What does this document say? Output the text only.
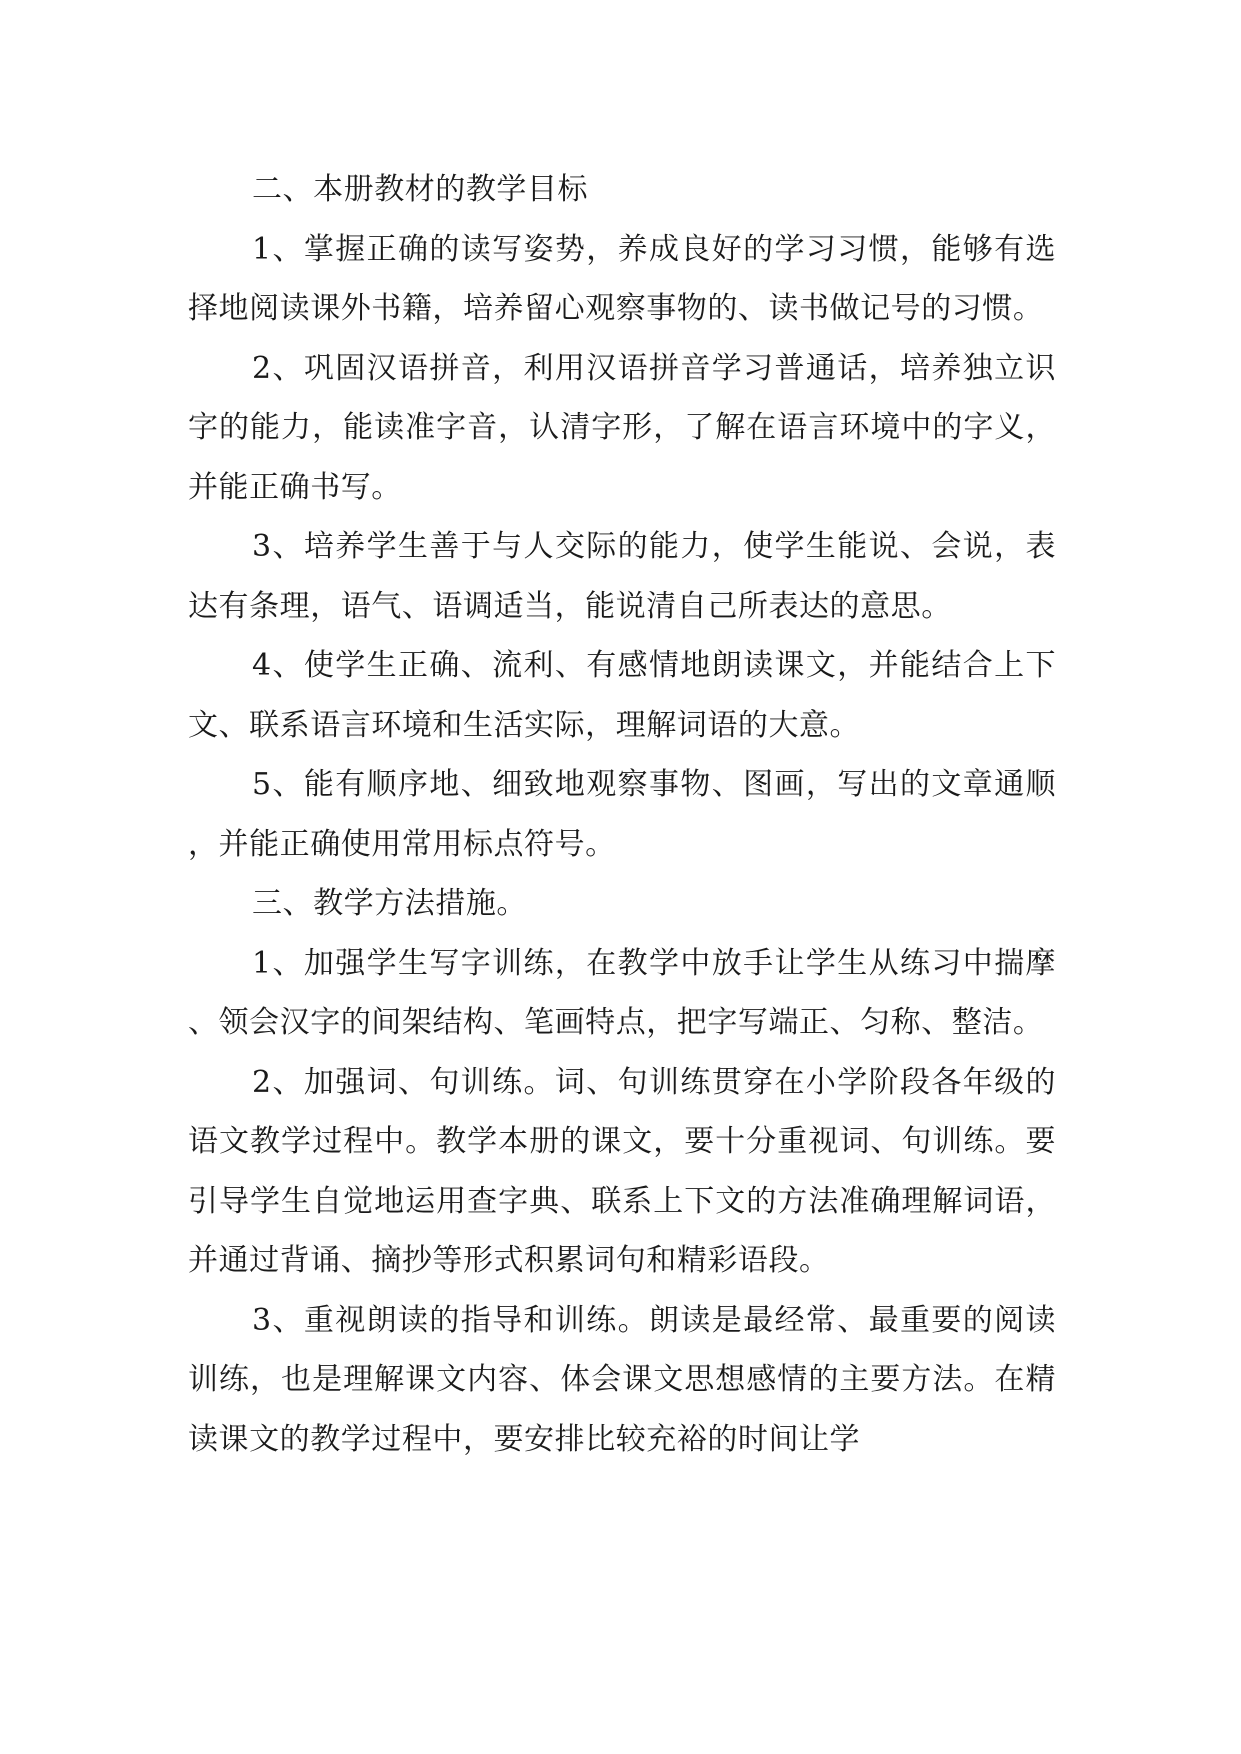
二、本册教材的教学目标

1、掌握正确的读写姿势，养成良好的学习习惯，能够有选择地阅读课外书籍，培养留心观察事物的、读书做记号的习惯。

2、巩固汉语拼音，利用汉语拼音学习普通话，培养独立识字的能力，能读准字音，认清字形，了解在语言环境中的字义，并能正确书写。

3、培养学生善于与人交际的能力，使学生能说、会说，表达有条理，语气、语调适当，能说清自己所表达的意思。

4、使学生正确、流利、有感情地朗读课文，并能结合上下文、联系语言环境和生活实际，理解词语的大意。

5、能有顺序地、细致地观察事物、图画，写出的文章通顺，并能正确使用常用标点符号。

三、教学方法措施。

1、加强学生写字训练，在教学中放手让学生从练习中揣摩、领会汉字的间架结构、笔画特点，把字写端正、匀称、整洁。

2、加强词、句训练。词、句训练贯穿在小学阶段各年级的语文教学过程中。教学本册的课文，要十分重视词、句训练。要引导学生自觉地运用查字典、联系上下文的方法准确理解词语，并通过背诵、摘抄等形式积累词句和精彩语段。

3、重视朗读的指导和训练。朗读是最经常、最重要的阅读训练，也是理解课文内容、体会课文思想感情的主要方法。在精读课文的教学过程中，要安排比较充裕的时间让学
